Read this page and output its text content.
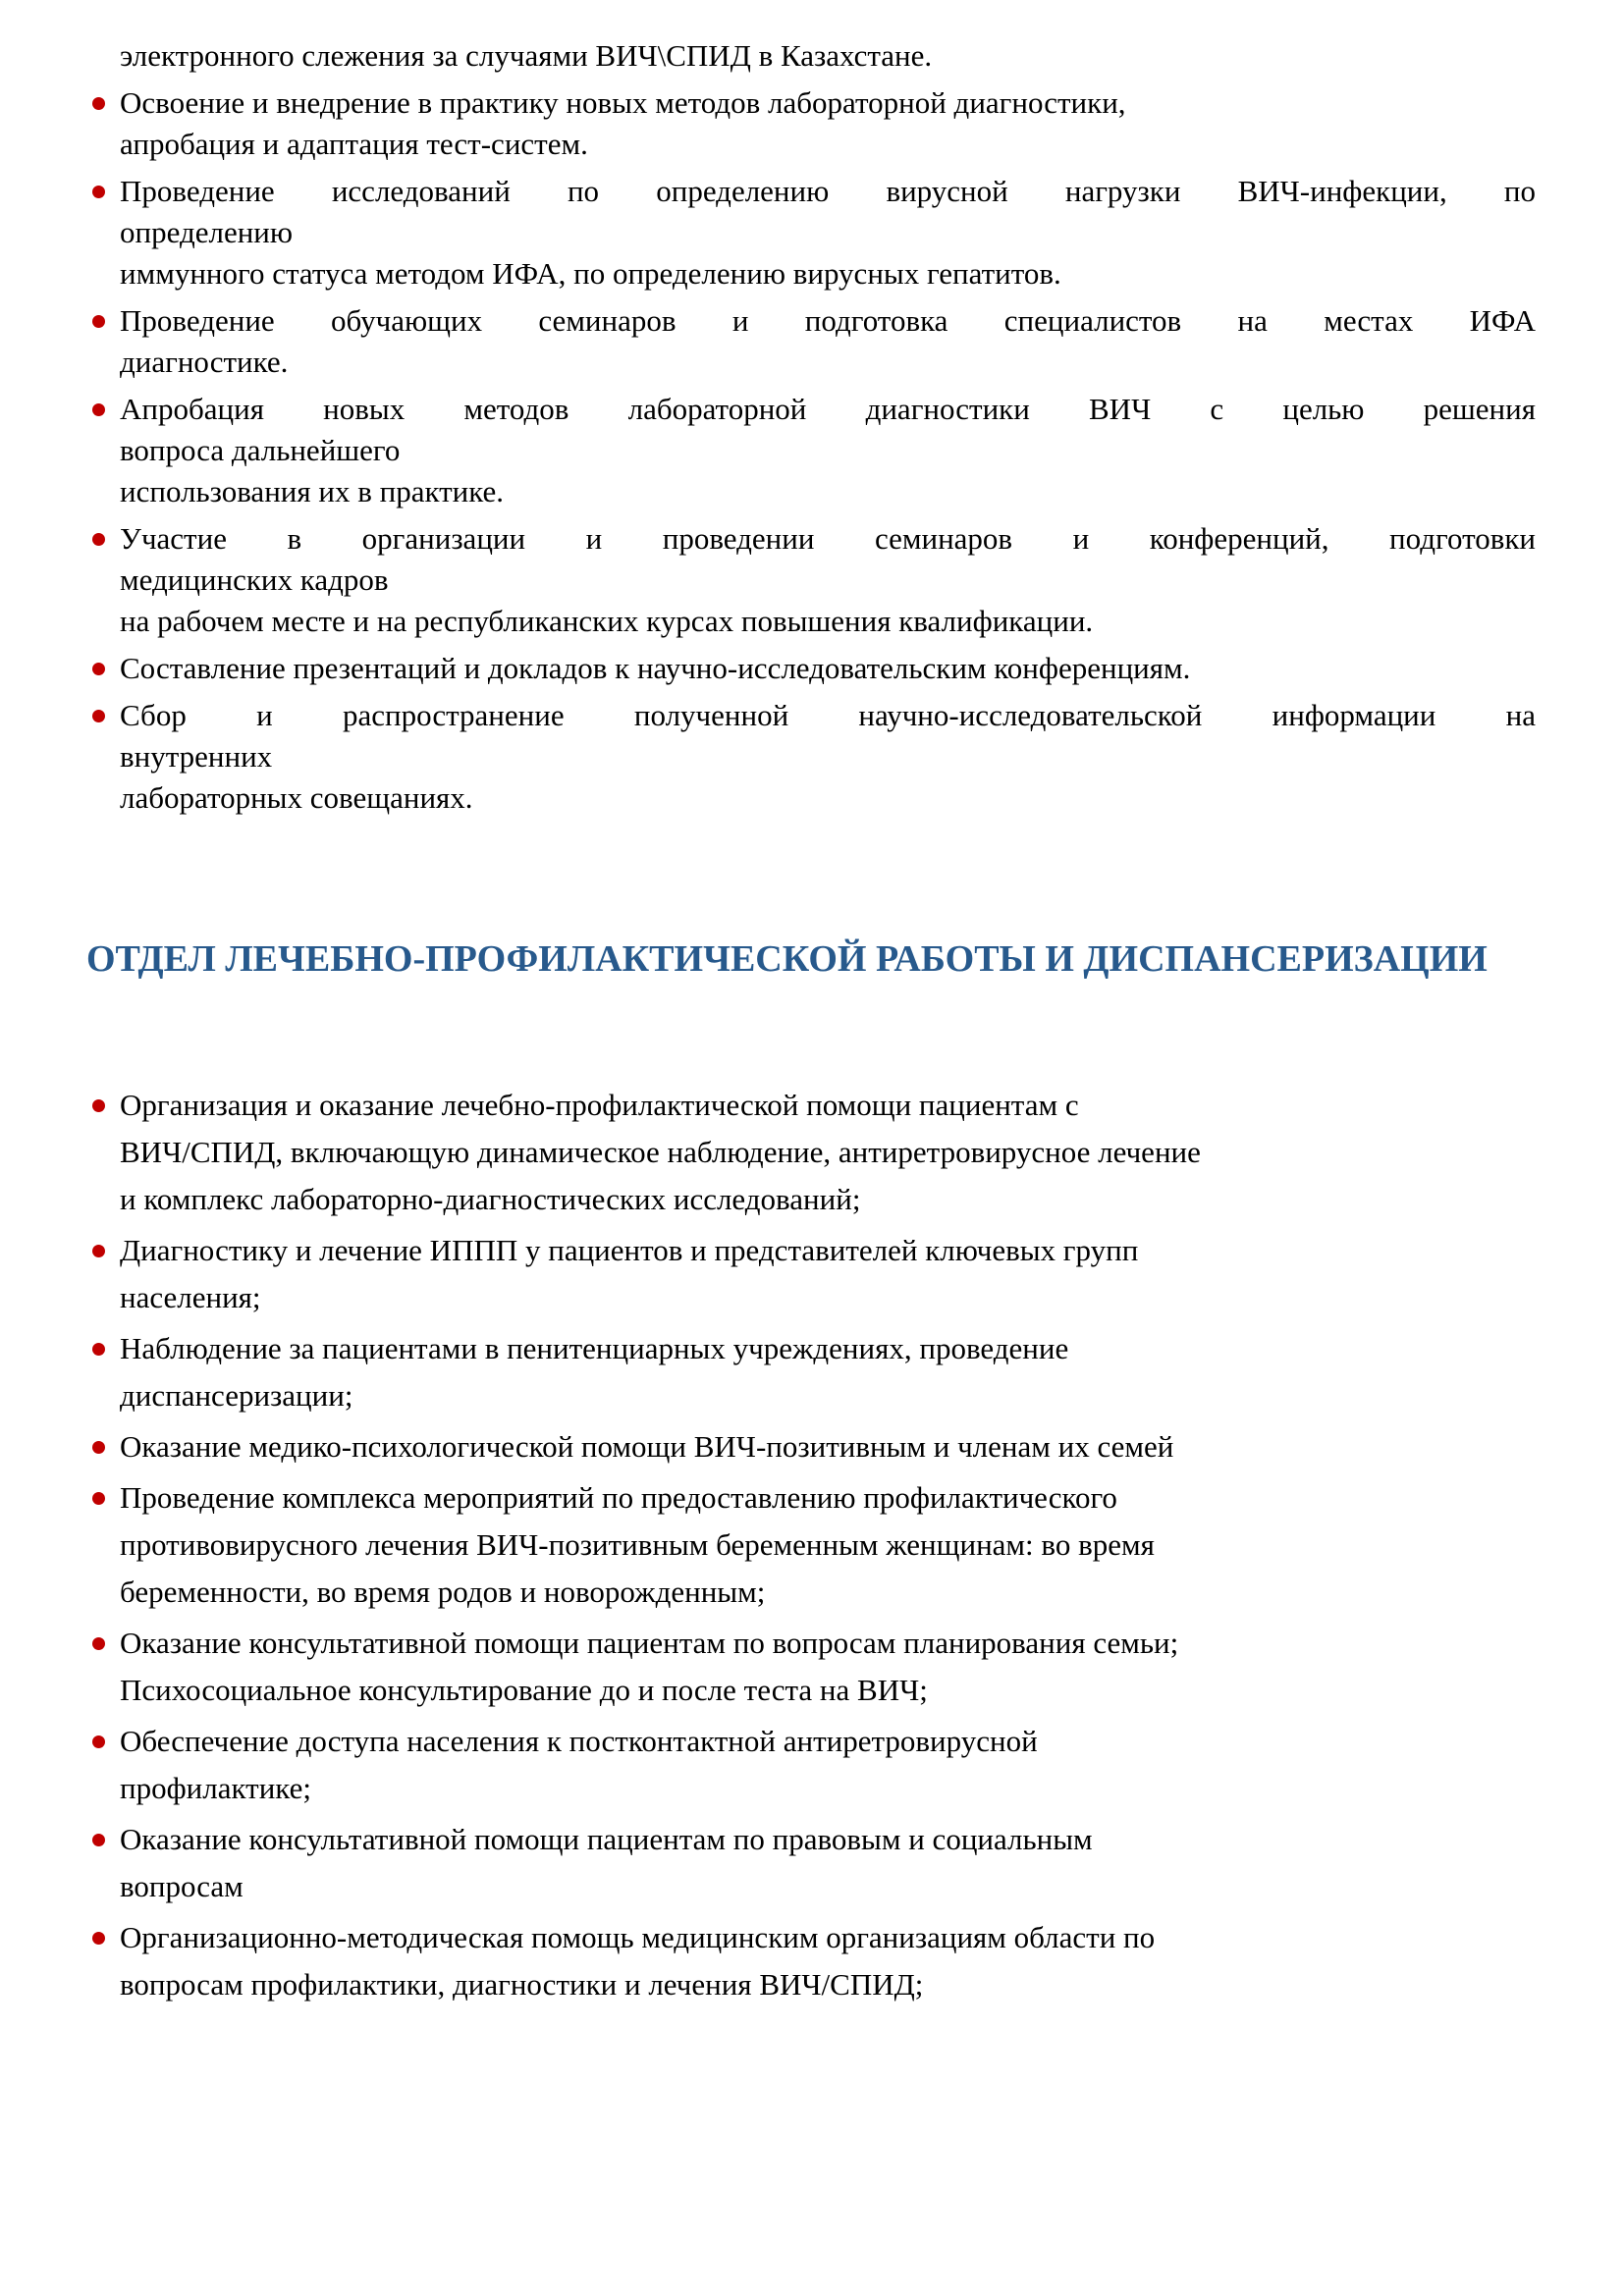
электронного слежения за случаями ВИЧ\СПИД в Казахстане.
Освоение и внедрение в практику новых методов лабораторной диагностики,
апробация и адаптация тест-систем.
Проведение исследований по определению вирусной нагрузки ВИЧ-инфекции, по
определению
иммунного статуса методом ИФА, по определению вирусных гепатитов.
Проведение обучающих семинаров и подготовка специалистов на местах ИФА
диагностике.
Апробация новых методов лабораторной диагностики ВИЧ с целью решения
вопроса дальнейшего
использования их в практике.
Участие в организации и проведении семинаров и конференций, подготовки
медицинских кадров
на рабочем месте и на республиканских курсах повышения квалификации.
Составление презентаций и докладов к научно-исследовательским конференциям.
Сбор и распространение полученной научно-исследовательской информации на
внутренних
лабораторных совещаниях.
ОТДЕЛ ЛЕЧЕБНО-ПРОФИЛАКТИЧЕСКОЙ РАБОТЫ И ДИСПАНСЕРИЗАЦИИ
Организация и оказание лечебно-профилактической помощи пациентам с
ВИЧ/СПИД, включающую динамическое наблюдение, антиретровирусное лечение
и комплекс лабораторно-диагностических исследований;
Диагностику и лечение ИППП у пациентов и представителей ключевых групп
населения;
Наблюдение за пациентами в пенитенциарных учреждениях, проведение
диспансеризации;
Оказание медико-психологической помощи ВИЧ-позитивным и членам их семей
Проведение комплекса мероприятий по предоставлению профилактического
противовирусного лечения ВИЧ-позитивным беременным женщинам: во время
беременности, во время родов и новорожденным;
Оказание консультативной помощи пациентам по вопросам планирования семьи;
Психосоциальное консультирование до и после теста на ВИЧ;
Обеспечение доступа населения к постконтактной антиретровирусной
профилактике;
Оказание консультативной помощи пациентам по правовым и социальным
вопросам
Организационно-методическая помощь медицинским организациям области по
вопросам профилактики, диагностики и лечения ВИЧ/СПИД;
